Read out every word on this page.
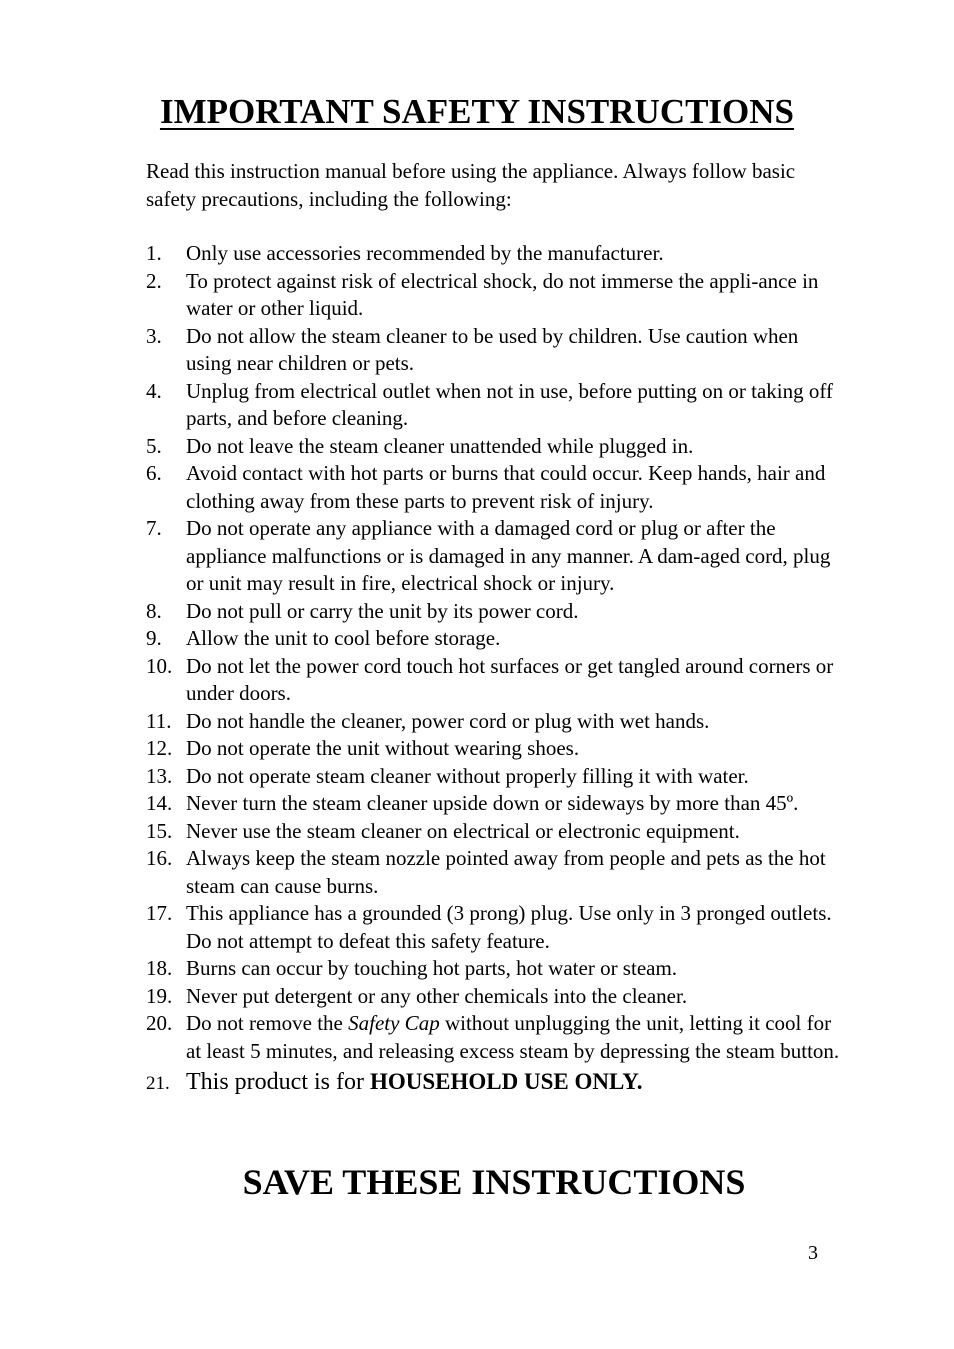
IMPORTANT SAFETY INSTRUCTIONS

Read this instruction manual before using the appliance. Always follow basic safety precautions, including the following:

1. Only use accessories recommended by the manufacturer.
2. To protect against risk of electrical shock, do not immerse the appli-ance in water or other liquid.
3. Do not allow the steam cleaner to be used by children. Use caution when using near children or pets.
4. Unplug from electrical outlet when not in use, before putting on or taking off parts, and before cleaning.
5. Do not leave the steam cleaner unattended while plugged in.
6. Avoid contact with hot parts or burns that could occur. Keep hands, hair and clothing away from these parts to prevent risk of injury.
7. Do not operate any appliance with a damaged cord or plug or after the appliance malfunctions or is damaged in any manner. A dam-aged cord, plug or unit may result in fire, electrical shock or injury.
8. Do not pull or carry the unit by its power cord.
9. Allow the unit to cool before storage.
10. Do not let the power cord touch hot surfaces or get tangled around corners or under doors.
11. Do not handle the cleaner, power cord or plug with wet hands.
12. Do not operate the unit without wearing shoes.
13. Do not operate steam cleaner without properly filling it with water.
14. Never turn the steam cleaner upside down or sideways by more than 45º.
15. Never use the steam cleaner on electrical or electronic equipment.
16. Always keep the steam nozzle pointed away from people and pets as the hot steam can cause burns.
17. This appliance has a grounded (3 prong) plug. Use only in 3 pronged outlets. Do not attempt to defeat this safety feature.
18. Burns can occur by touching hot parts, hot water or steam.
19. Never put detergent or any other chemicals into the cleaner.
20. Do not remove the Safety Cap without unplugging the unit, letting it cool for at least 5 minutes, and releasing excess steam by depressing the steam button.
21. This product is for HOUSEHOLD USE ONLY.
SAVE THESE INSTRUCTIONS
3
